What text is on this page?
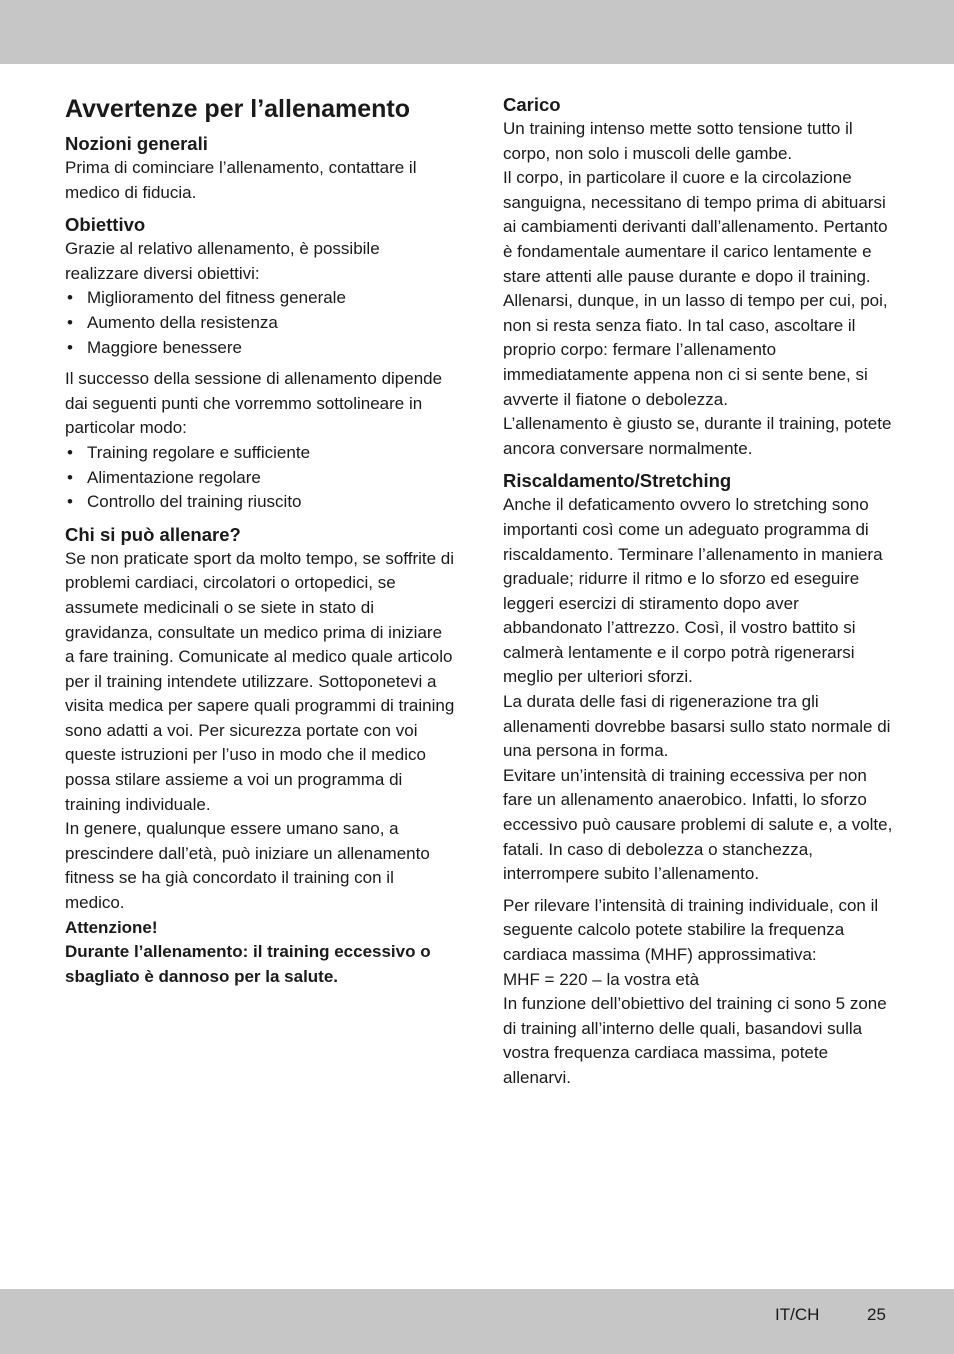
Avvertenze per l’allenamento
Nozioni generali

Prima di cominciare l’allenamento, contattare il medico di fiducia.

Obiettivo

Grazie al relativo allenamento, è possibile realizzare diversi obiettivi:

• Miglioramento del fitness generale
• Aumento della resistenza
• Maggiore benessere

Il successo della sessione di allenamento dipende dai seguenti punti che vorremmo sottolineare in particolar modo:

• Training regolare e sufficiente
• Alimentazione regolare
• Controllo del training riuscito
Chi si può allenare?

Se non praticate sport da molto tempo, se soffrite di problemi cardiaci, circolatori o ortopedici, se assumete medicinali o se siete in stato di gravidanza, consultate un medico prima di iniziare a fare training. Comunicate al medico quale articolo per il training intendete utilizzare. Sottoponetevi a visita medica per sapere quali programmi di training sono adatti a voi. Per sicurezza portate con voi queste istruzioni per l’uso in modo che il medico possa stilare assieme a voi un programma di training individuale.

In genere, qualunque essere umano sano, a prescindere dall’età, può iniziare un allenamento fitness se ha già concordato il training con il medico.

Attenzione!

Durante l’allenamento: il training eccessivo o sbagliato è dannoso per la salute.

Carico

Un training intenso mette sotto tensione tutto il corpo, non solo i muscoli delle gambe.

Il corpo, in particolare il cuore e la circolazione sanguigna, necessitano di tempo prima di abituarsi ai cambiamenti derivanti dall’allenamento. Pertanto è fondamentale aumentare il carico lentamente e stare attenti alle pause durante e dopo il training.

Allenarsi, dunque, in un lasso di tempo per cui, poi, non si resta senza fiato. In tal caso, ascoltare il proprio corpo: fermare l’allenamento immediatamente appena non ci si sente bene, si avverte il fiatone o debolezza.

L’allenamento è giusto se, durante il training, potete ancora conversare normalmente.

Riscaldamento/Stretching

Anche il defaticamento ovvero lo stretching sono importanti così come un adeguato programma di riscaldamento. Terminare l’allenamento in maniera graduale; ridurre il ritmo e lo sforzo ed eseguire leggeri esercizi di stiramento dopo aver abbandonato l’attrezzo. Così, il vostro battito si calmerà lentamente e il corpo potrà rigenerarsi meglio per ulteriori sforzi.

La durata delle fasi di rigenerazione tra gli allenamenti dovrebbe basarsi sullo stato normale di una persona in forma.

Evitare un’intensità di training eccessiva per non fare un allenamento anaerobico. Infatti, lo sforzo eccessivo può causare problemi di salute e, a volte, fatali. In caso di debolezza o stanchezza, interrompere subito l’allenamento.

Per rilevare l’intensità di training individuale, con il seguente calcolo potete stabilire la frequenza cardiaca massima (MHF) approssimativa:

MHF = 220 – la vostra età

In funzione dell’obiettivo del training ci sono 5 zone di training all’interno delle quali, basandovi sulla vostra frequenza cardiaca massima, potete allenarvi.

IT/CH	25
